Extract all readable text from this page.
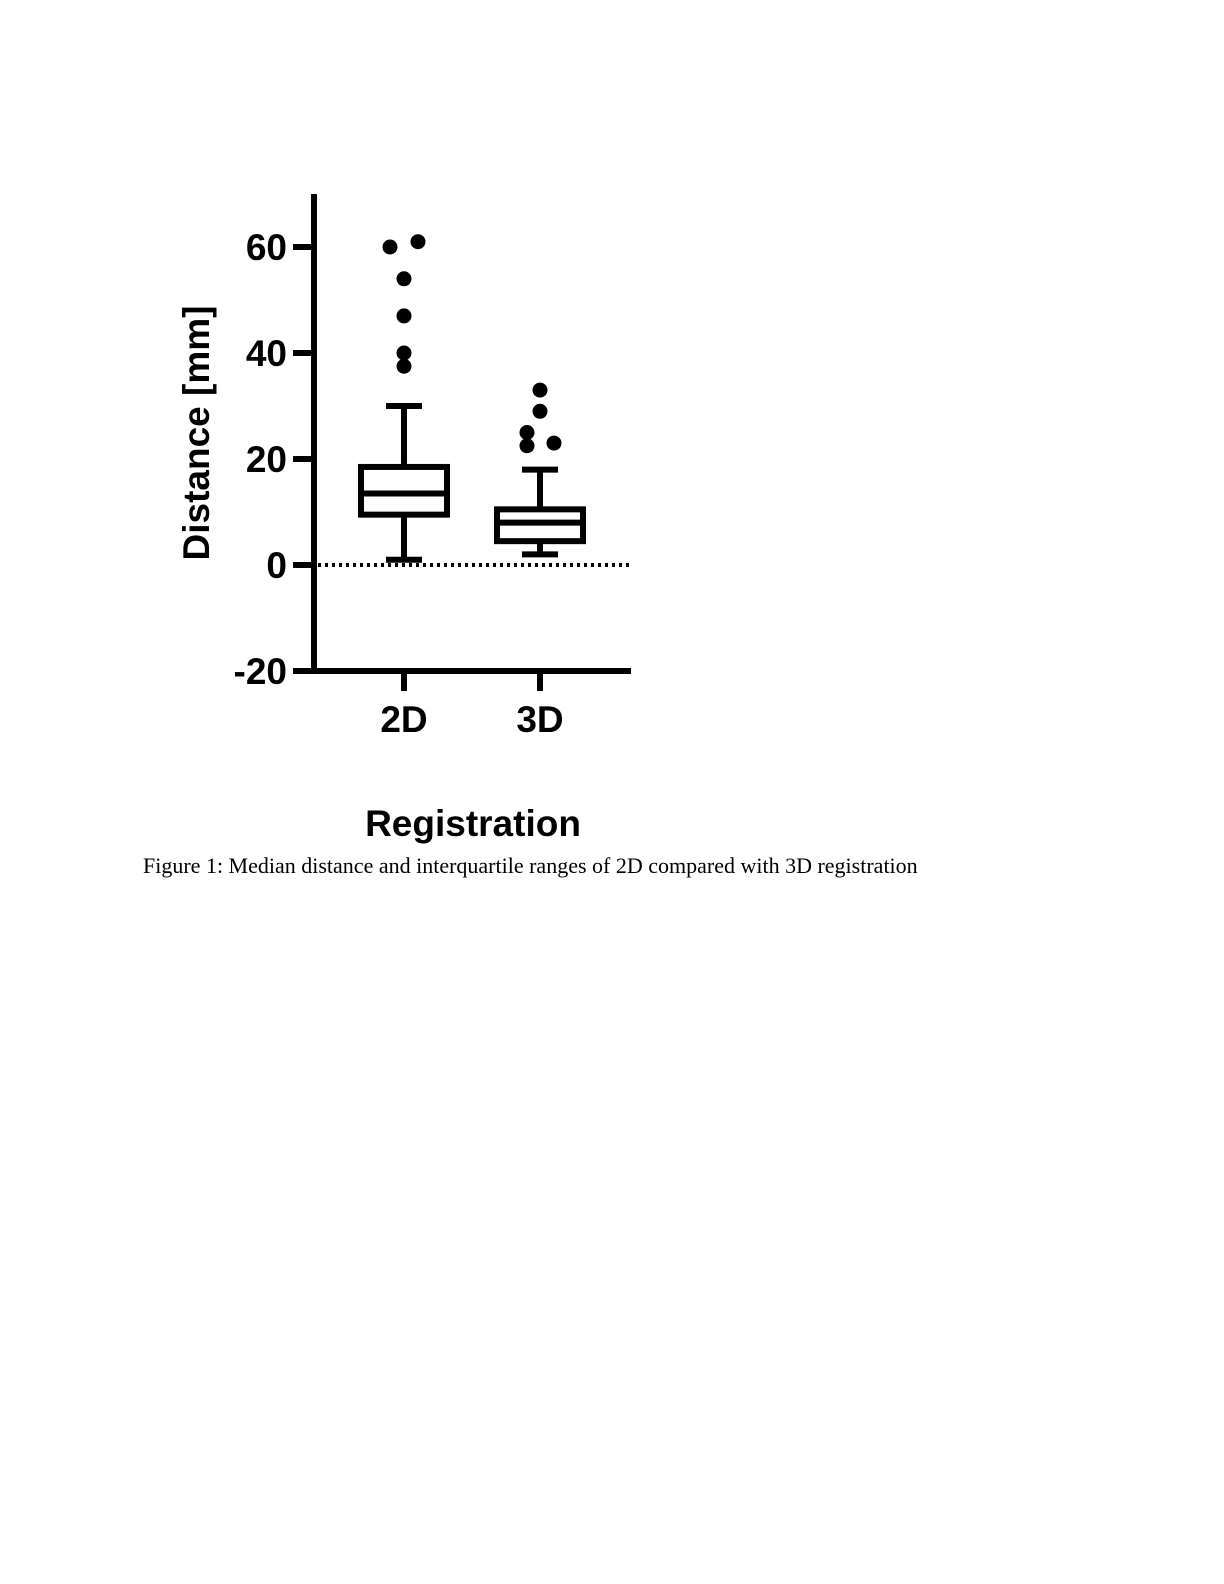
-20
0
20
40
60
2D 3D
Distance [mm]
Registration
Figure 1: Median distance and interquartile ranges of 2D compared with 3D registration
